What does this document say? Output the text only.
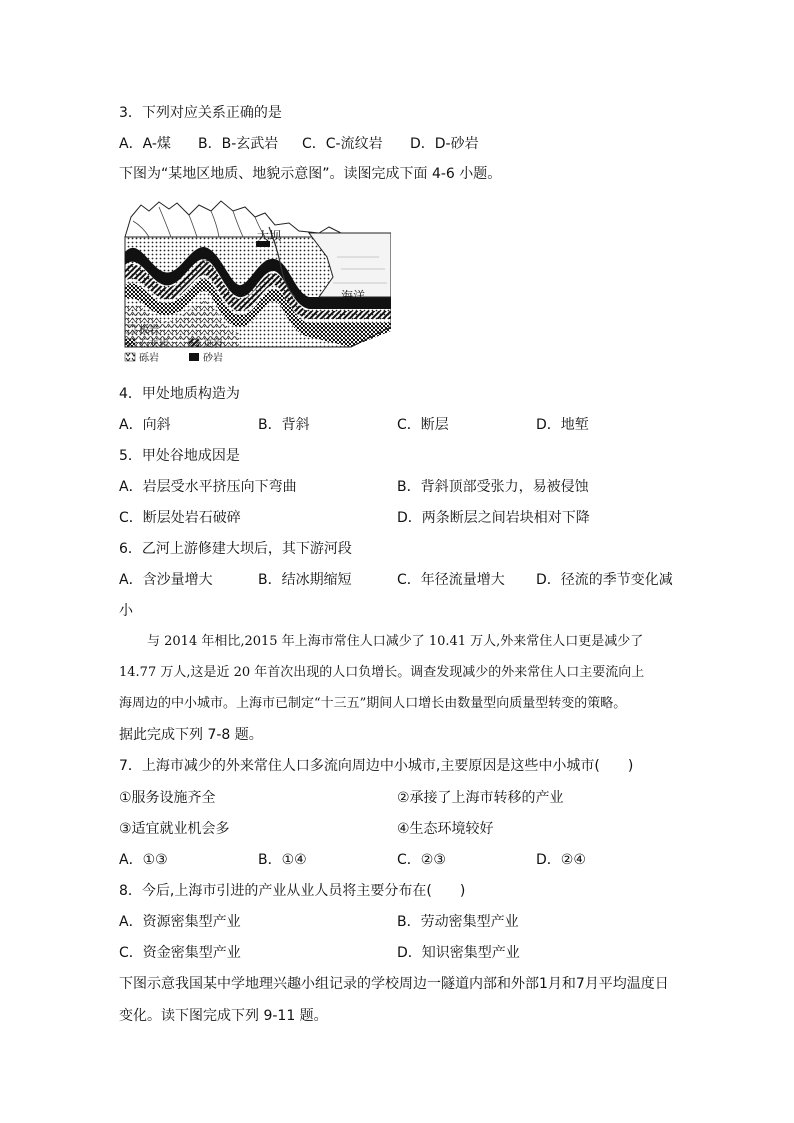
3．下列对应关系正确的是
A．A-煤 B．B-玄武岩 C．C-流纹岩 D．D-砂岩
下图为“某地区地质、地貌示意图”。读图完成下面 4-6 小题。
大坝
甲	乙
海洋
板岩
石灰岩	页岩
砾岩	砂岩
4．甲处地质构造为
A．向斜	B．背斜	C．断层	D．地堑
5．甲处谷地成因是
A．岩层受水平挤压向下弯曲	B．背斜顶部受张力，易被侵蚀
C．断层处岩石破碎	D．两条断层之间岩块相对下降
6．乙河上游修建大坝后，其下游河段
A．含沙量增大	B．结冰期缩短	C．年径流量增大 D．径流的季节变化减
小
与 2014 年相比,2015 年上海市常住人口减少了 10.41 万人,外来常住人口更是减少了
14.77 万人,这是近 20 年首次出现的人口负增长。调查发现减少的外来常住人口主要流向上
海周边的中小城市。上海市已制定“十三五”期间人口增长由数量型向质量型转变的策略。
据此完成下列 7-8 题。
7．上海市减少的外来常住人口多流向周边中小城市,主要原因是这些中小城市(　　)
①服务设施齐全	②承接了上海市转移的产业
③适宜就业机会多	④生态环境较好
A．①③	B．①④	C．②③	D．②④
8．今后,上海市引进的产业从业人员将主要分布在(　　)
A．资源密集型产业	B．劳动密集型产业
C．资金密集型产业	D．知识密集型产业
下图示意我国某中学地理兴趣小组记录的学校周边一隧道内部和外部1月和7月平均温度日
变化。读下图完成下列 9-11 题。
